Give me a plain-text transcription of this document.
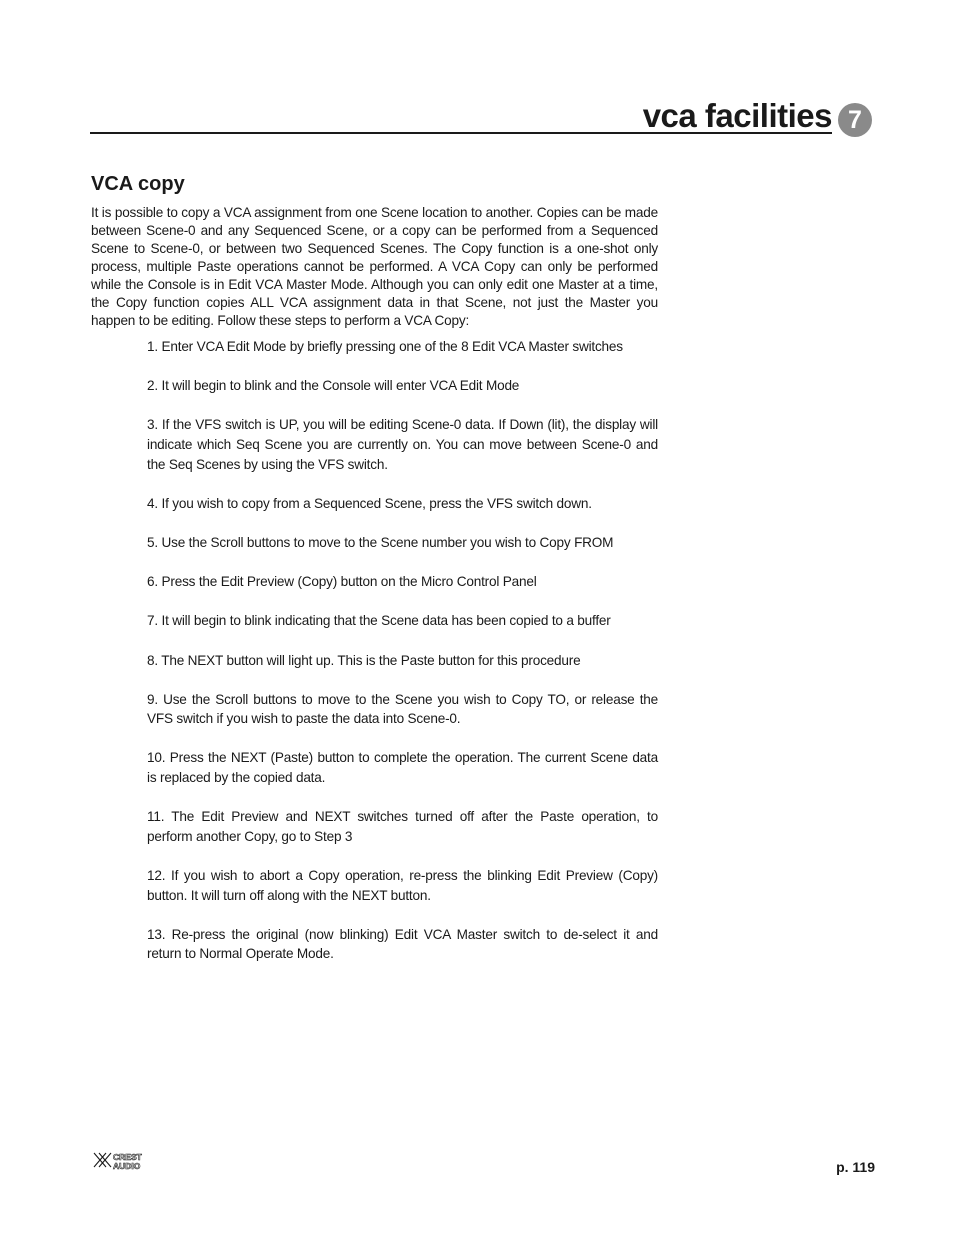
vca facilities 7
VCA copy

It is possible to copy a VCA assignment from one Scene location to another. Copies can be made between Scene-0 and any Sequenced Scene, or a copy can be performed from a Sequenced Scene to Scene-0, or between two Sequenced Scenes. The Copy function is a one-shot only process, multiple Paste operations cannot be performed. A VCA Copy can only be performed while the Console is in Edit VCA Master Mode. Although you can only edit one Master at a time, the Copy function copies ALL VCA assignment data in that Scene, not just the Master you happen to be editing. Follow these steps to perform a VCA Copy:

1. Enter VCA Edit Mode by briefly pressing one of the 8 Edit VCA Master switches
2. It will begin to blink and the Console will enter VCA Edit Mode
3. If the VFS switch is UP, you will be editing Scene-0 data. If Down (lit), the display will indicate which Seq Scene you are currently on. You can move between Scene-0 and the Seq Scenes by using the VFS switch.
4. If you wish to copy from a Sequenced Scene, press the VFS switch down.
5. Use the Scroll buttons to move to the Scene number you wish to Copy FROM
6. Press the Edit Preview (Copy) button on the Micro Control Panel
7. It will begin to blink indicating that the Scene data has been copied to a buffer
8. The NEXT button will light up. This is the Paste button for this procedure
9. Use the Scroll buttons to move to the Scene you wish to Copy TO, or release the VFS switch if you wish to paste the data into Scene-0.
10. Press the NEXT (Paste) button to complete the operation. The current Scene data is replaced by the copied data.
11. The Edit Preview and NEXT switches turned off after the Paste operation, to perform another Copy, go to Step 3
12. If you wish to abort a Copy operation, re-press the blinking Edit Preview (Copy) button. It will turn off along with the NEXT button.
13. Re-press the original (now blinking) Edit VCA Master switch to de-select it and return to Normal Operate Mode.
CREST
AUDIO	p. 119
